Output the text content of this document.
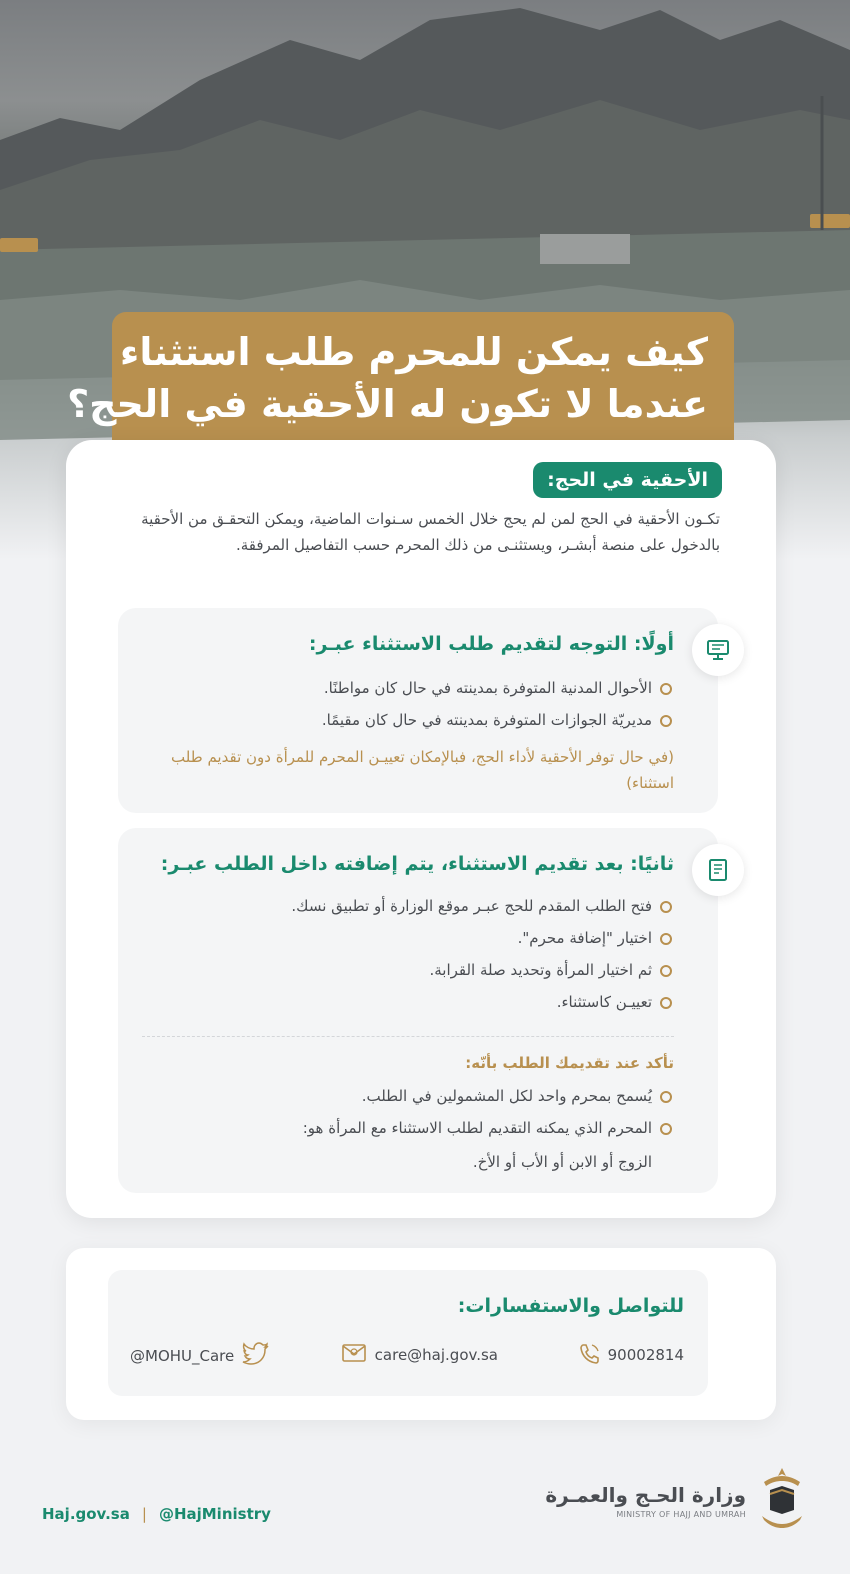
كيف يمكن للمحرم طلب استثناء
عندما لا تكون له الأحقية في الحج؟
الأحقية في الحج:

تكـون الأحقية في الحج لمن لم يحج خلال الخمس سـنوات الماضية، ويمكن التحقـق من الأحقية بالدخول على منصة أبشـر، ويستثنـى من ذلك المحرم حسب التفاصيل المرفقة.

أولًا: التوجه لتقديم طلب الاستثناء عبـر:
الأحوال المدنية المتوفرة بمدينته في حال كان مواطنًا.
مديريّة الجوازات المتوفرة بمدينته في حال كان مقيمًا.

(في حال توفر الأحقية لأداء الحج، فبالإمكان تعييـن المحرم للمرأة دون تقديم طلب استثناء)

ثانيًا: بعد تقديم الاستثناء، يتم إضافته داخل الطلب عبـر:
فتح الطلب المقدم للحج عبـر موقع الوزارة أو تطبيق نسك.
اختيار "إضافة محرم".
ثم اختيار المرأة وتحديد صلة القرابة.
تعييـن كاستثناء.
تأكد عند تقديمك الطلب بأنّه:
يُسمح بمحرم واحد لكل المشمولين في الطلب.
المحرم الذي يمكنه التقديم لطلب الاستثناء مع المرأة هو:
الزوج أو الابن أو الأب أو الأخ.
للتواصل والاستفسارات:
90002814
care@haj.gov.sa
@MOHU_Care
Haj.gov.sa | @HajMinistry
وزارة الحـج والعمـرة
MINISTRY OF HAJJ AND UMRAH
